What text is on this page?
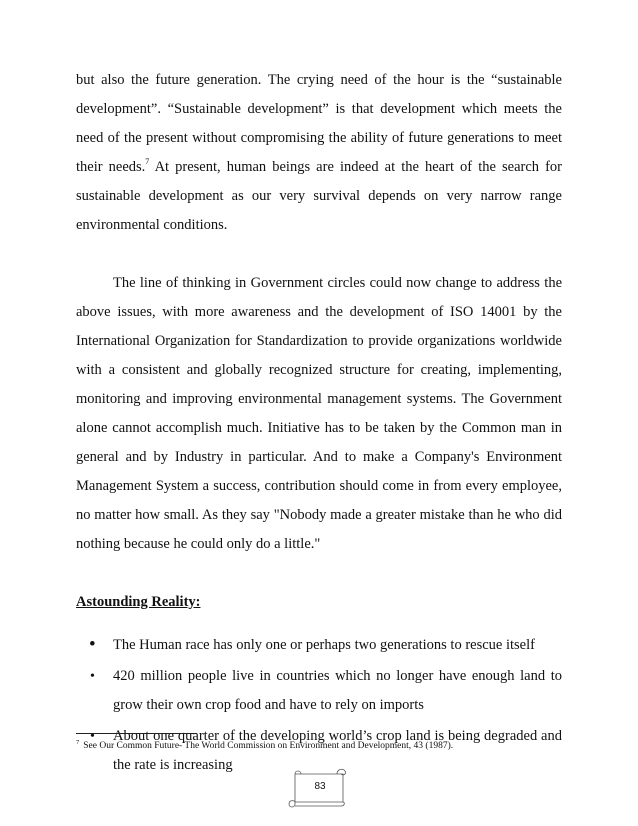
but also the future generation. The crying need of the hour is the “sustainable development”. “Sustainable development” is that development which meets the need of the present without compromising the ability of future generations to meet their needs.$^7$ At present, human beings are indeed at the heart of the search for sustainable development as our very survival depends on very narrow range environmental conditions.

The line of thinking in Government circles could now change to address the above issues, with more awareness and the development of ISO 14001 by the International Organization for Standardization to provide organizations worldwide with a consistent and globally recognized structure for creating, implementing, monitoring and improving environmental management systems. The Government alone cannot accomplish much. Initiative has to be taken by the Common man in general and by Industry in particular. And to make a Company's Environment Management System a success, contribution should come in from every employee, no matter how small. As they say "Nobody made a greater mistake than he who did nothing because he could only do a little."

Astounding Reality:
• The Human race has only one or perhaps two generations to rescue itself
• 420 million people live in countries which no longer have enough land to grow their own crop food and have to rely on imports
• About one quarter of the developing world’s crop land is being degraded and the rate is increasing
$^7$ See Our Common Future- The World Commission on Environment and Development, 43 (1987).
83
